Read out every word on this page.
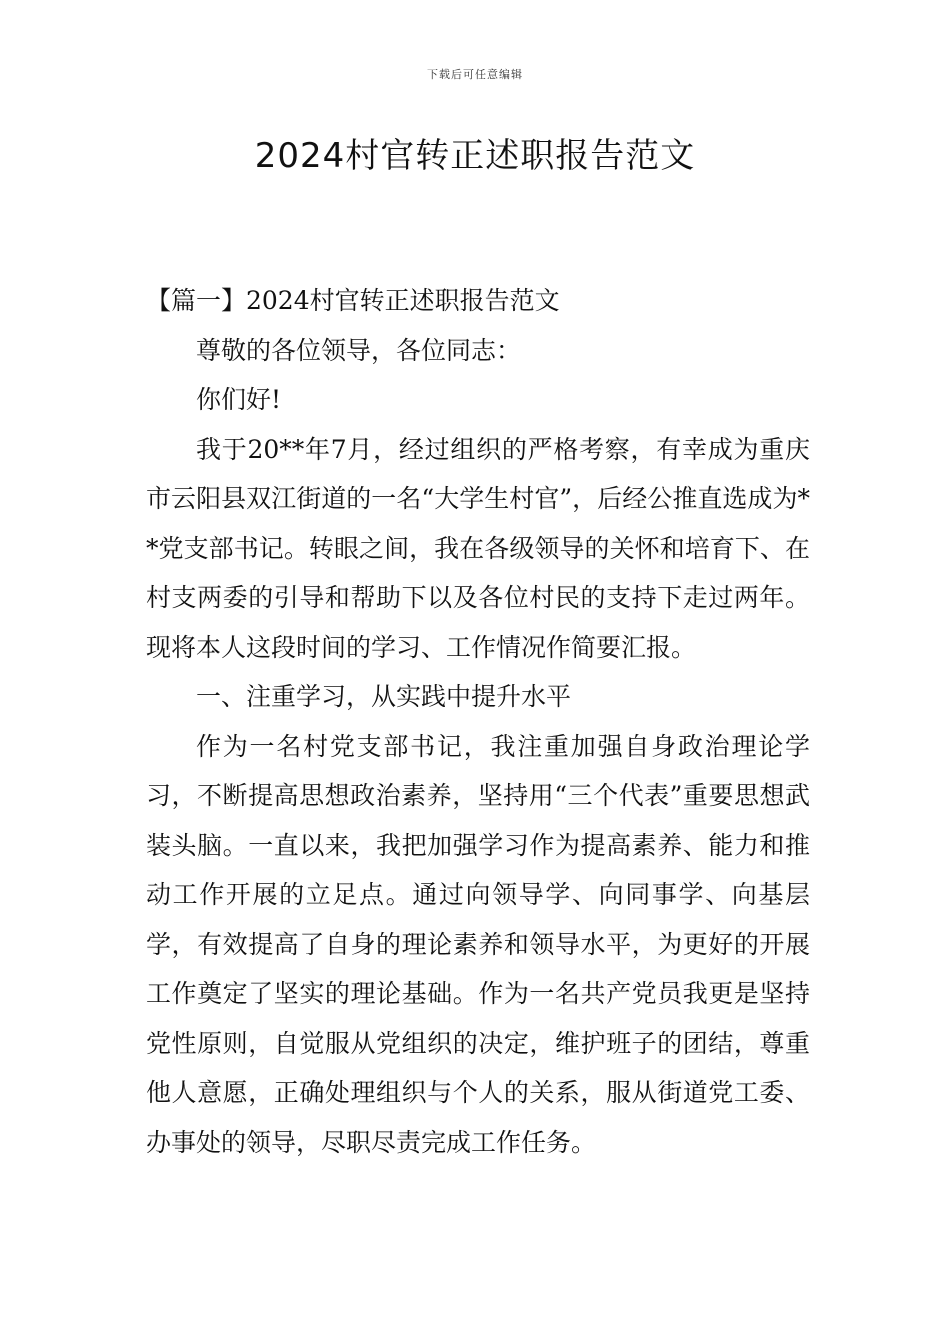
下载后可任意编辑
2024村官转正述职报告范文

【篇一】2024村官转正述职报告范文

尊敬的各位领导，各位同志：

你们好!

我于20**年7月，经过组织的严格考察，有幸成为重庆市云阳县双江街道的一名“大学生村官”，后经公推直选成为**党支部书记。转眼之间，我在各级领导的关怀和培育下、在村支两委的引导和帮助下以及各位村民的支持下走过两年。现将本人这段时间的学习、工作情况作简要汇报。

一、注重学习，从实践中提升水平

作为一名村党支部书记，我注重加强自身政治理论学习，不断提高思想政治素养，坚持用“三个代表”重要思想武装头脑。一直以来，我把加强学习作为提高素养、能力和推动工作开展的立足点。通过向领导学、向同事学、向基层学，有效提高了自身的理论素养和领导水平，为更好的开展工作奠定了坚实的理论基础。作为一名共产党员我更是坚持党性原则，自觉服从党组织的决定，维护班子的团结，尊重他人意愿，正确处理组织与个人的关系，服从街道党工委、办事处的领导，尽职尽责完成工作任务。
